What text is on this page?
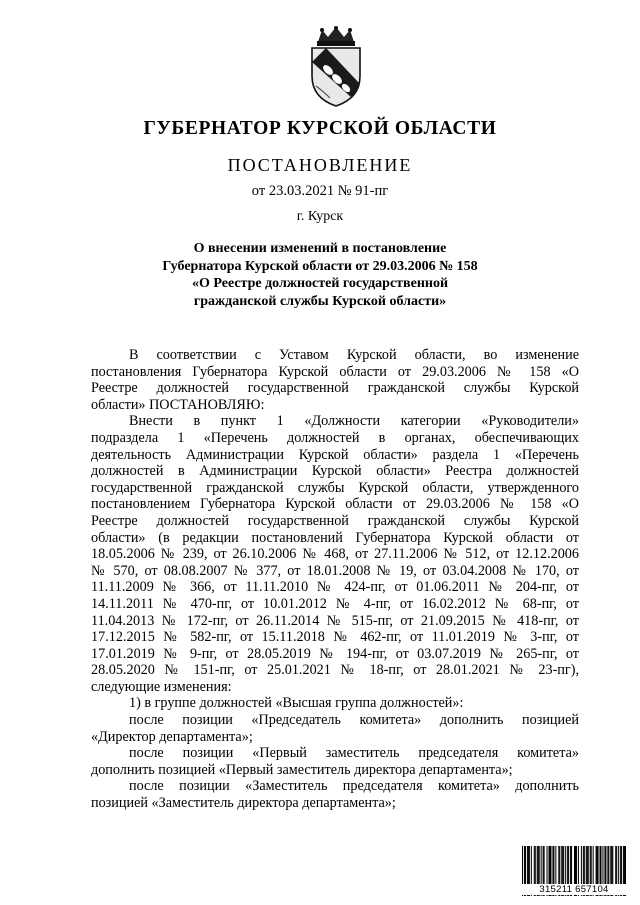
ГУБЕРНАТОР КУРСКОЙ ОБЛАСТИ
ПОСТАНОВЛЕНИЕ
от 23.03.2021 № 91-пг
г. Курск
О внесении изменений в постановление
Губернатора Курской области от 29.03.2006 № 158
«О Реестре должностей государственной
гражданской службы Курской области»
В соответствии с Уставом Курской области, во изменение
постановления Губернатора Курской области от 29.03.2006 № 158 «О
Реестре должностей государственной гражданской службы Курской
области» ПОСТАНОВЛЯЮ:
Внести в пункт 1 «Должности категории «Руководители»
подраздела 1 «Перечень должностей в органах, обеспечивающих
деятельность Администрации Курской области» раздела 1 «Перечень
должностей в Администрации Курской области» Реестра должностей
государственной гражданской службы Курской области, утвержденного
постановлением Губернатора Курской области от 29.03.2006 № 158 «О
Реестре должностей государственной гражданской службы Курской
области» (в редакции постановлений Губернатора Курской области от
18.05.2006 № 239, от 26.10.2006 № 468, от 27.11.2006 № 512, от 12.12.2006
№ 570, от 08.08.2007 № 377, от 18.01.2008 № 19, от 03.04.2008 № 170, от
11.11.2009 № 366, от 11.11.2010 № 424-пг, от 01.06.2011 № 204-пг, от
14.11.2011 № 470-пг, от 10.01.2012 № 4-пг, от 16.02.2012 № 68-пг, от
11.04.2013 № 172-пг, от 26.11.2014 № 515-пг, от 21.09.2015 № 418-пг, от
17.12.2015 № 582-пг, от 15.11.2018 № 462-пг, от 11.01.2019 № 3-пг, от
17.01.2019 № 9-пг, от 28.05.2019 № 194-пг, от 03.07.2019 № 265-пг, от
28.05.2020 № 151-пг, от 25.01.2021 № 18-пг, от 28.01.2021 № 23-пг),
следующие изменения:
1) в группе должностей «Высшая группа должностей»:
после позиции «Председатель комитета» дополнить позицией
«Директор департамента»;
после позиции «Первый заместитель председателя комитета»
дополнить позицией «Первый заместитель директора департамента»;
после позиции «Заместитель председателя комитета» дополнить
позицией «Заместитель директора департамента»;
315211 657104
